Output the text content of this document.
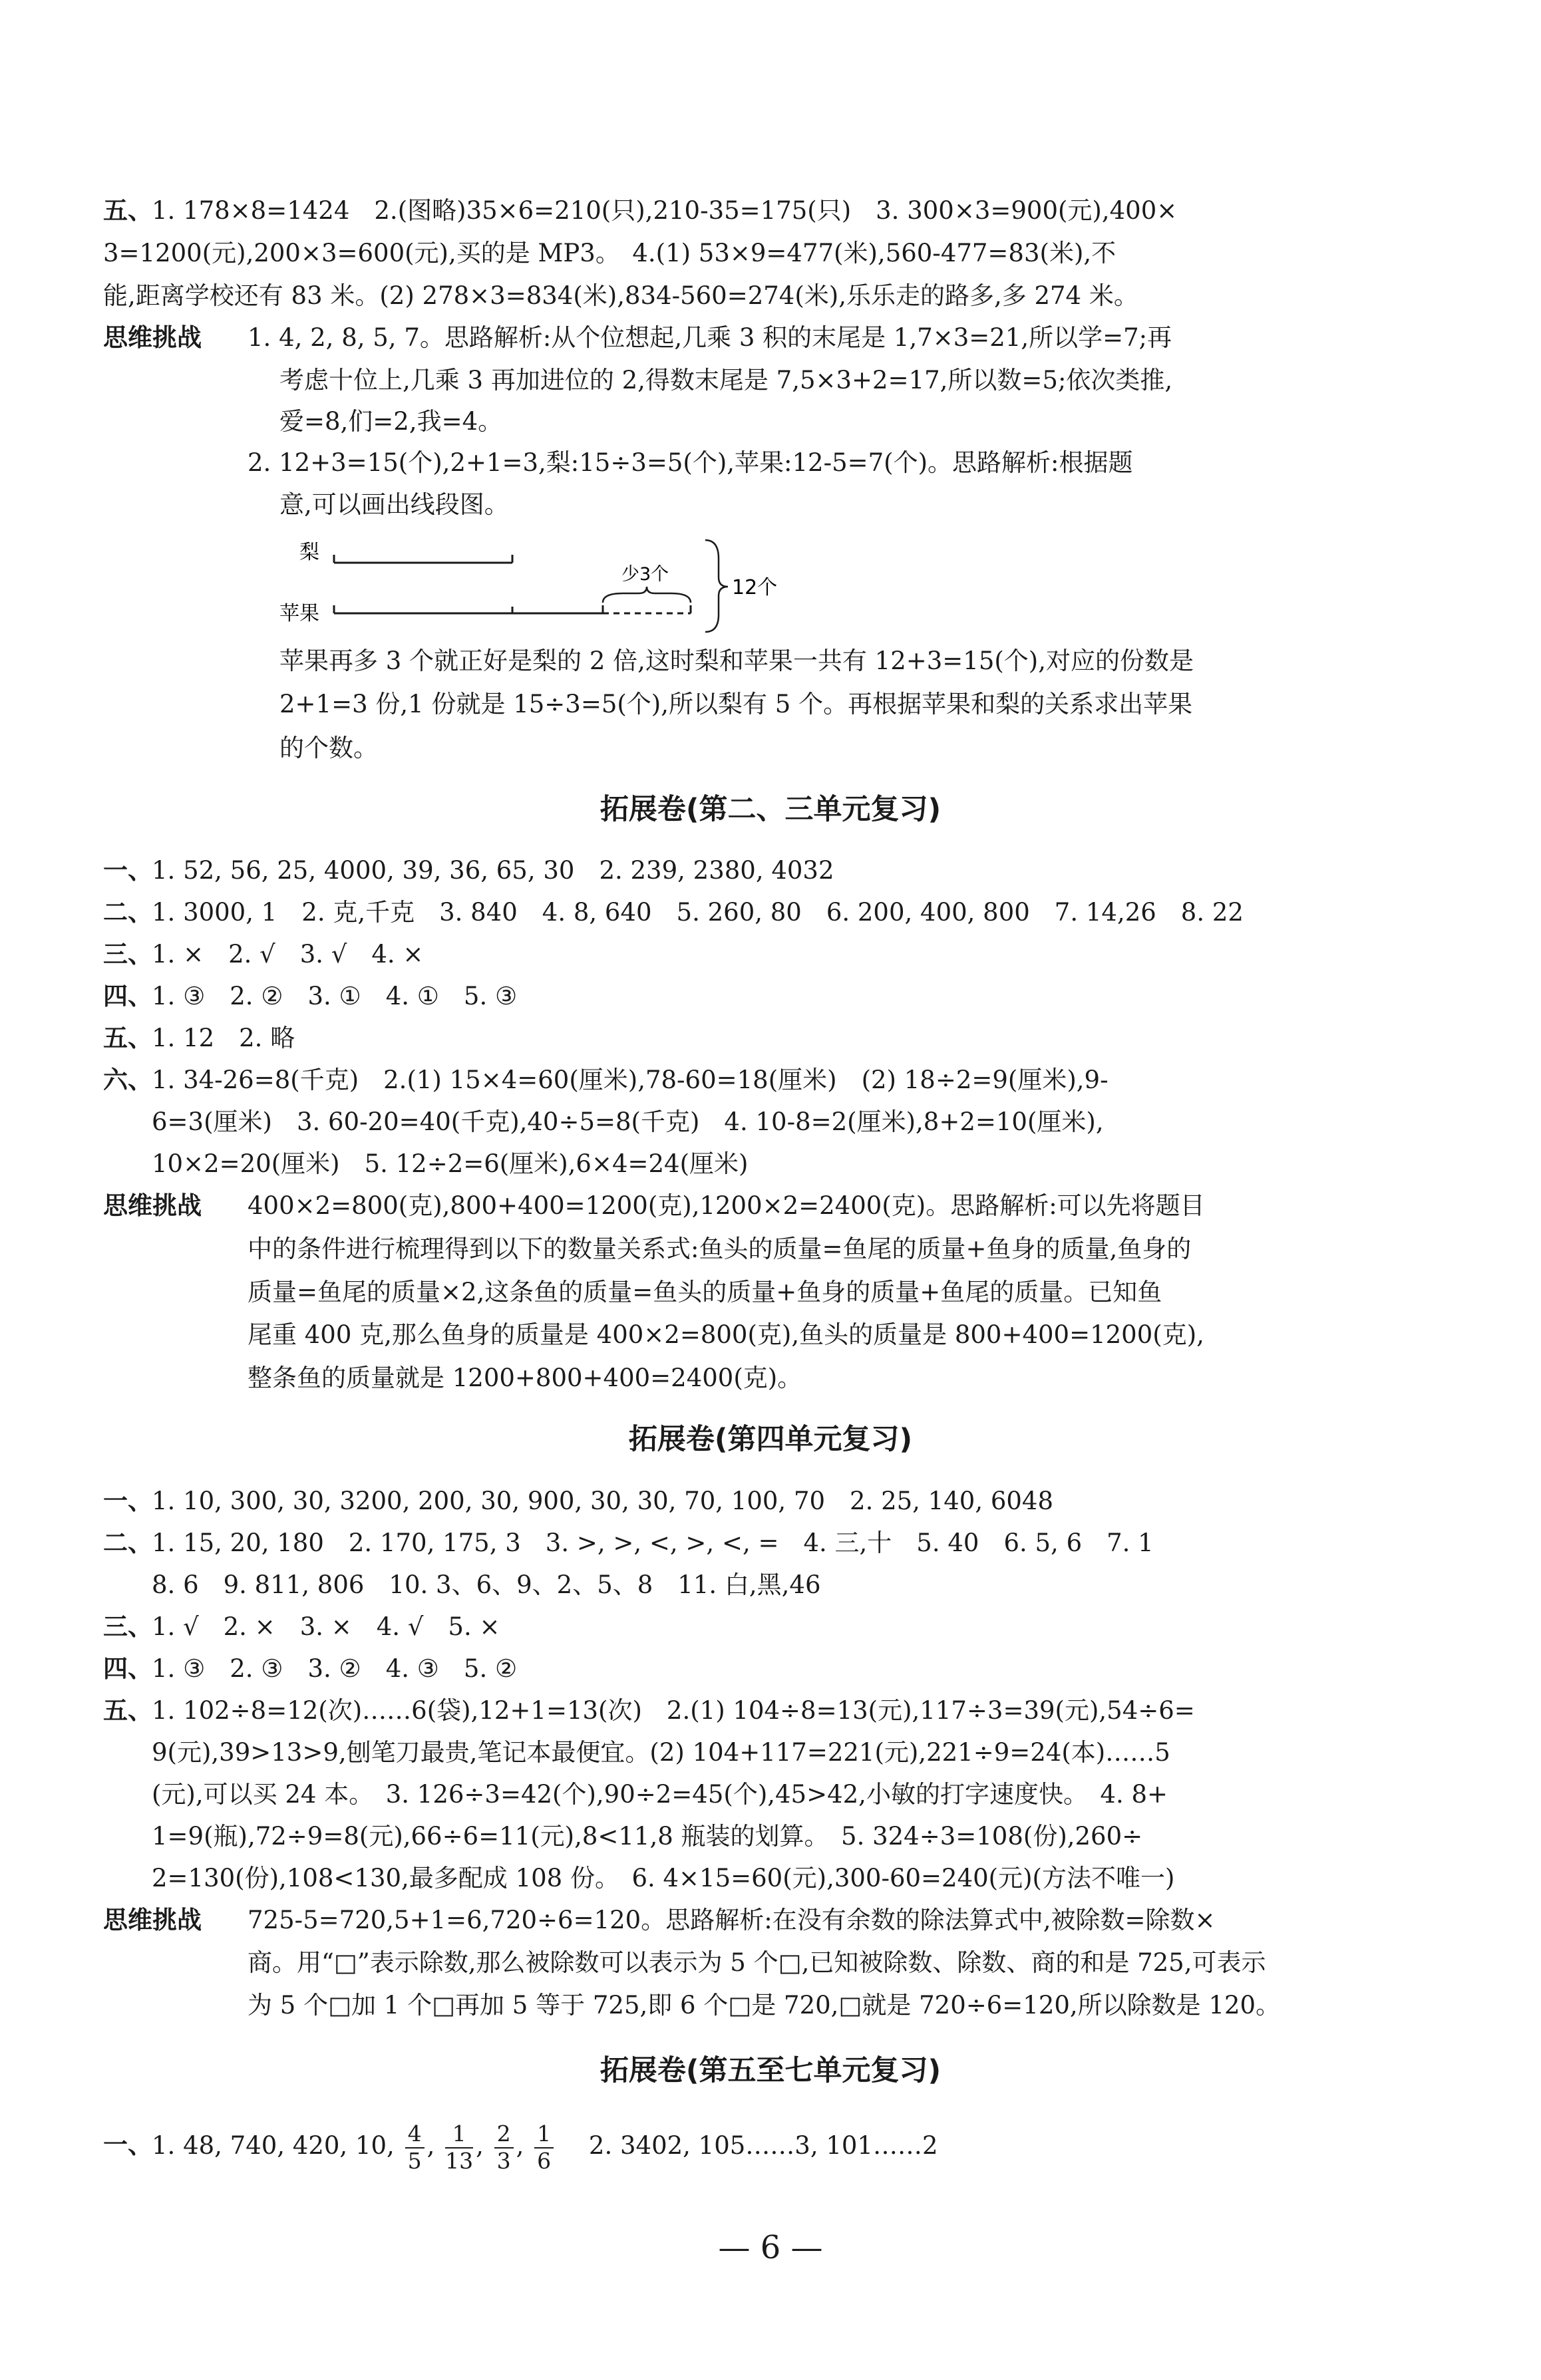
五、 1. 178×8=1424　2.(图略)35×6=210(只),210-35=175(只)　3. 300×3=900(元),400×
3=1200(元),200×3=600(元),买的是 MP3。　4.(1) 53×9=477(米),560-477=83(米),不
能,距离学校还有 83 米。(2) 278×3=834(米),834-560=274(米),乐乐走的路多,多 274 米。
思维挑战 1. 4, 2, 8, 5, 7。思路解析:从个位想起,几乘 3 积的末尾是 1,7×3=21,所以学=7;再
考虑十位上,几乘 3 再加进位的 2,得数末尾是 7,5×3+2=17,所以数=5;依次类推,
爱=8,们=2,我=4。
2. 12+3=15(个),2+1=3,梨:15÷3=5(个),苹果:12-5=7(个)。思路解析:根据题
意,可以画出线段图。
梨
苹果
少3个
12个
苹果再多 3 个就正好是梨的 2 倍,这时梨和苹果一共有 12+3=15(个),对应的份数是
2+1=3 份,1 份就是 15÷3=5(个),所以梨有 5 个。再根据苹果和梨的关系求出苹果
的个数。
拓展卷(第二、三单元复习)
一、 1. 52, 56, 25, 4000, 39, 36, 65, 30　2. 239, 2380, 4032
二、 1. 3000, 1　2. 克,千克　3. 840　4. 8, 640　5. 260, 80　6. 200, 400, 800　7. 14,26　8. 22
三、 1. ×　2. √　3. √　4. ×
四、 1. ③　2. ②　3. ①　4. ①　5. ③
五、 1. 12　2. 略
六、 1. 34-26=8(千克)　2.(1) 15×4=60(厘米),78-60=18(厘米)　(2) 18÷2=9(厘米),9-
6=3(厘米)　3. 60-20=40(千克),40÷5=8(千克)　4. 10-8=2(厘米),8+2=10(厘米),
10×2=20(厘米)　5. 12÷2=6(厘米),6×4=24(厘米)
思维挑战 400×2=800(克),800+400=1200(克),1200×2=2400(克)。思路解析:可以先将题目
中的条件进行梳理得到以下的数量关系式:鱼头的质量=鱼尾的质量+鱼身的质量,鱼身的
质量=鱼尾的质量×2,这条鱼的质量=鱼头的质量+鱼身的质量+鱼尾的质量。已知鱼
尾重 400 克,那么鱼身的质量是 400×2=800(克),鱼头的质量是 800+400=1200(克),
整条鱼的质量就是 1200+800+400=2400(克)。
拓展卷(第四单元复习)
一、 1. 10, 300, 30, 3200, 200, 30, 900, 30, 30, 70, 100, 70　2. 25, 140, 6048
二、 1. 15, 20, 180　2. 170, 175, 3　3. >, >, <, >, <, =　4. 三,十　5. 40　6. 5, 6　7. 1
8. 6　9. 811, 806　10. 3、6、9、2、5、8　11. 白,黑,46
三、 1. √　2. ×　3. ×　4. √　5. ×
四、 1. ③　2. ③　3. ②　4. ③　5. ②
五、 1. 102÷8=12(次)……6(袋),12+1=13(次)　2.(1) 104÷8=13(元),117÷3=39(元),54÷6=
9(元),39>13>9,刨笔刀最贵,笔记本最便宜。(2) 104+117=221(元),221÷9=24(本)……5
(元),可以买 24 本。　3. 126÷3=42(个),90÷2=45(个),45>42,小敏的打字速度快。　4. 8+
1=9(瓶),72÷9=8(元),66÷6=11(元),8<11,8 瓶装的划算。　5. 324÷3=108(份),260÷
2=130(份),108<130,最多配成 108 份。　6. 4×15=60(元),300-60=240(元)(方法不唯一)
思维挑战 725-5=720,5+1=6,720÷6=120。思路解析:在没有余数的除法算式中,被除数=除数×
商。用“□”表示除数,那么被除数可以表示为 5 个□,已知被除数、除数、商的和是 725,可表示
为 5 个□加 1 个□再加 5 等于 725,即 6 个□是 720,□就是 720÷6=120,所以除数是 120。
拓展卷(第五至七单元复习)
一、 1. 48, 740, 420, 10, $\frac{4}{5}$ , $\frac{1}{13}$ , $\frac{2}{3}$ , $\frac{1}{6}$
　 2. 3402, 105……3, 101……2
— 6 —
